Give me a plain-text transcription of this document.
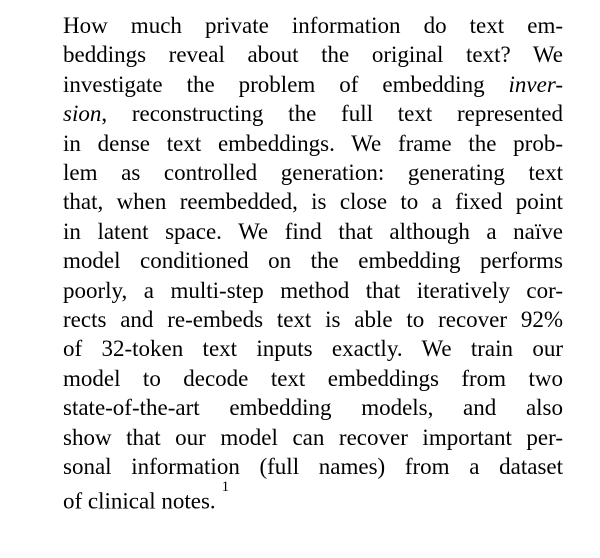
How much private information do text em-
beddings reveal about the original text? We
investigate the problem of embedding inver-
sion, reconstructing the full text represented
in dense text embeddings. We frame the prob-
lem as controlled generation: generating text
that, when reembedded, is close to a fixed point
in latent space. We find that although a naïve
model conditioned on the embedding performs
poorly, a multi-step method that iteratively cor-
rects and re-embeds text is able to recover 92%
of 32-token text inputs exactly. We train our
model to decode text embeddings from two
state-of-the-art embedding models, and also
show that our model can recover important per-
sonal information (full names) from a dataset
of clinical notes.$^1$
